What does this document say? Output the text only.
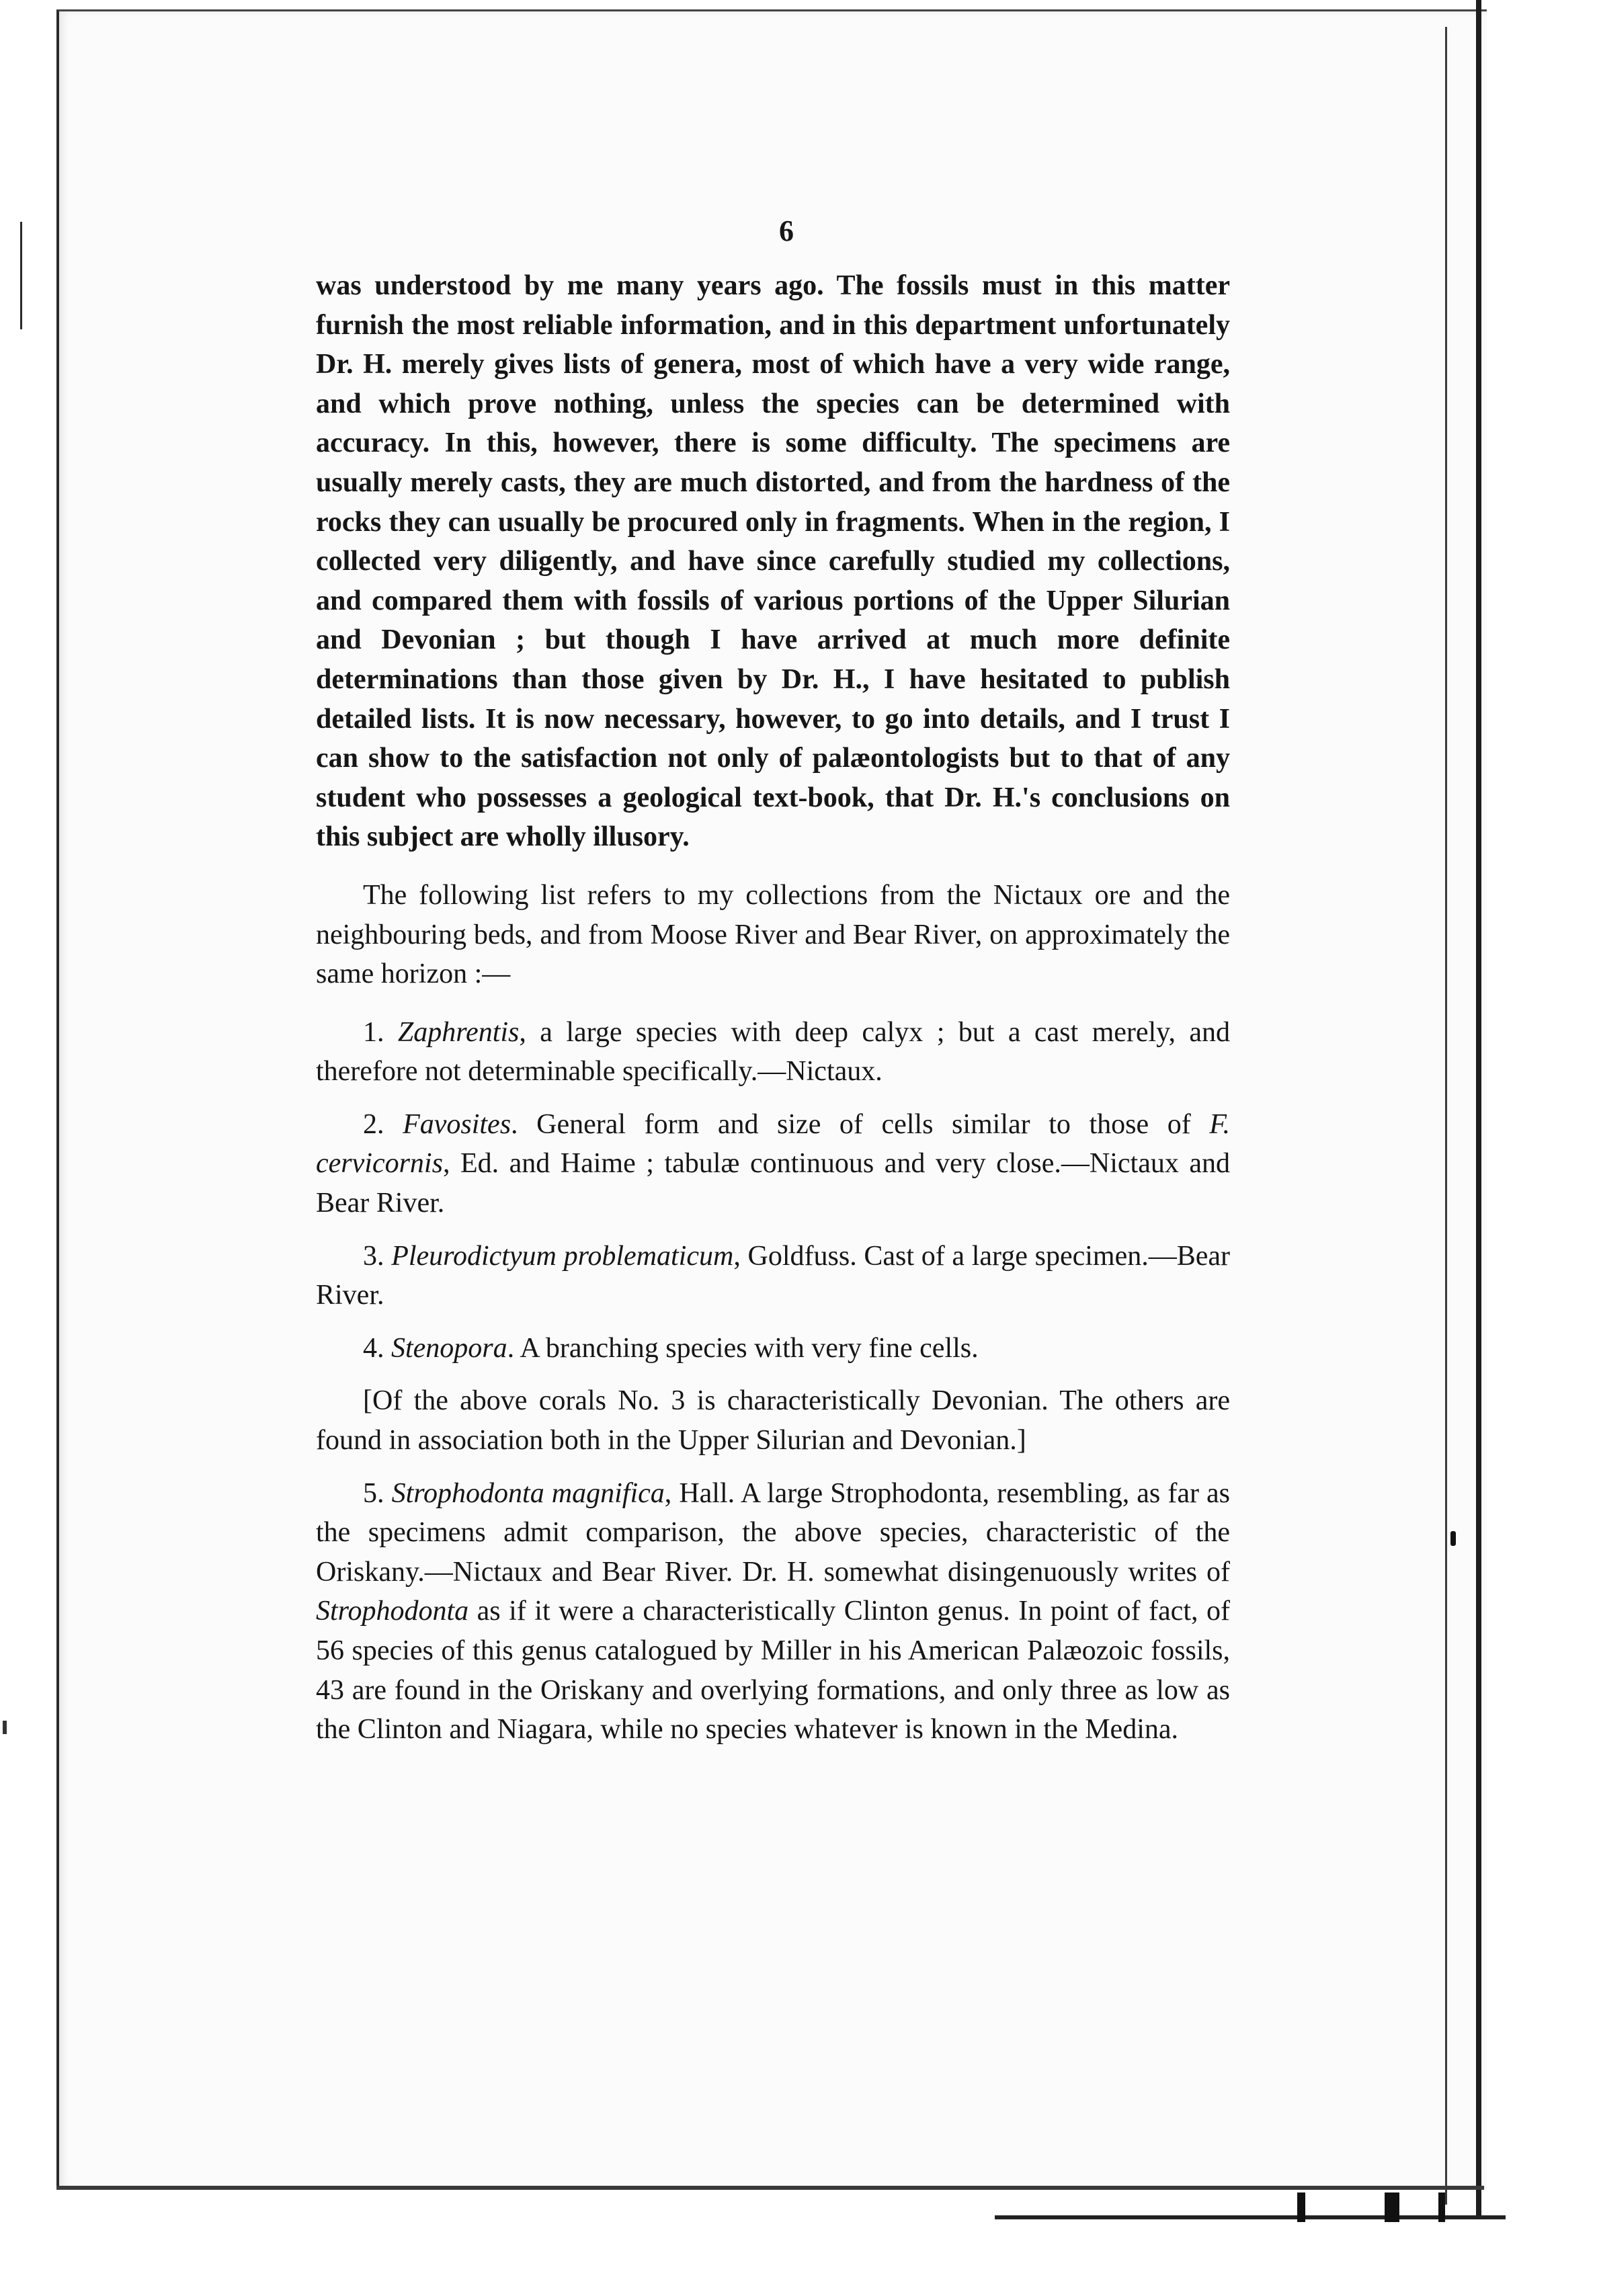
6

was understood by me many years ago. The fossils must in this matter furnish the most reliable information, and in this department unfortunately Dr. H. merely gives lists of genera, most of which have a very wide range, and which prove nothing, unless the species can be determined with accuracy. In this, however, there is some difficulty. The specimens are usually merely casts, they are much distorted, and from the hardness of the rocks they can usually be procured only in fragments. When in the region, I collected very diligently, and have since carefully studied my collections, and compared them with fossils of various portions of the Upper Silurian and Devonian ; but though I have arrived at much more definite determinations than those given by Dr. H., I have hesitated to publish detailed lists. It is now necessary, however, to go into details, and I trust I can show to the satisfaction not only of palæontologists but to that of any student who possesses a geological text-book, that Dr. H.'s conclusions on this subject are wholly illusory.

The following list refers to my collections from the Nictaux ore and the neighbouring beds, and from Moose River and Bear River, on approximately the same horizon :—

1. Zaphrentis, a large species with deep calyx ; but a cast merely, and therefore not determinable specifically.—Nictaux.

2. Favosites. General form and size of cells similar to those of F. cervicornis, Ed. and Haime ; tabulæ continuous and very close.—Nictaux and Bear River.

3. Pleurodictyum problematicum, Goldfuss. Cast of a large specimen.—Bear River.

4. Stenopora. A branching species with very fine cells.

[Of the above corals No. 3 is characteristically Devonian. The others are found in association both in the Upper Silurian and Devonian.]

5. Strophodonta magnifica, Hall. A large Strophodonta, resembling, as far as the specimens admit comparison, the above species, characteristic of the Oriskany.—Nictaux and Bear River. Dr. H. somewhat disingenuously writes of Strophodonta as if it were a characteristically Clinton genus. In point of fact, of 56 species of this genus catalogued by Miller in his American Palæozoic fossils, 43 are found in the Oriskany and overlying formations, and only three as low as the Clinton and Niagara, while no species whatever is known in the Medina.
